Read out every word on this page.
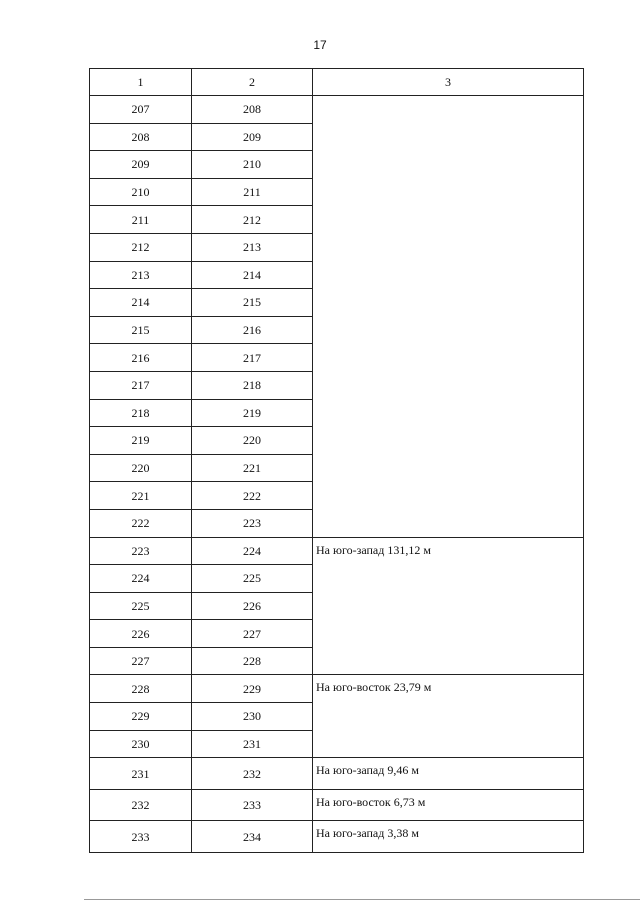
17
1	2	3
207	208	
208	209	
209	210	
210	211	
211	212	
212	213	
213	214	
214	215	
215	216	
216	217	
217	218	
218	219	
219	220	
220	221	
221	222	
222	223	
223	224	На юго-запад 131,12 м
224	225	
225	226	
226	227	
227	228	
228	229	На юго-восток 23,79 м
229	230	
230	231	
231	232	На юго-запад 9,46 м
232	233	На юго-восток 6,73 м
233	234	На юго-запад 3,38 м
